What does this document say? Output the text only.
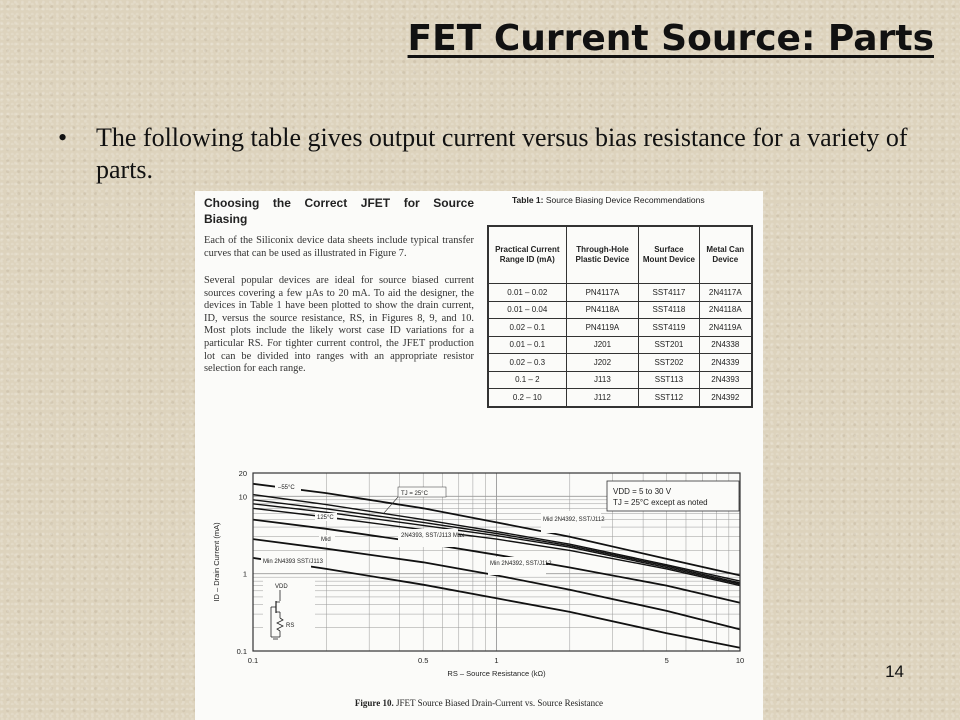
FET Current Source: Parts
•	The following table gives output current versus bias resistance for a variety of parts.
Choosing the Correct JFET for Source
Biasing

Each of the Siliconix device data sheets include typical transfer curves that can be used as illustrated in Figure 7.

Several popular devices are ideal for source biased current sources covering a few µAs to 20 mA. To aid the designer, the devices in Table 1 have been plotted to show the drain current, ID, versus the source resistance, RS, in Figures 8, 9, and 10. Most plots include the likely worst case ID variations for a particular RS. For tighter current control, the JFET production lot can be divided into ranges with an appropriate resistor selection for each range.

Table 1: Source Biasing Device Recommendations
Practical Current Range ID (mA)	Through-Hole Plastic Device	Surface Mount Device	Metal Can Device
0.01 – 0.02	PN4117A	SST4117	2N4117A
0.01 – 0.04	PN4118A	SST4118	2N4118A
0.02 – 0.1	PN4119A	SST4119	2N4119A
0.01 – 0.1	J201	SST201	2N4338
0.02 – 0.3	J202	SST202	2N4339
0.1 – 2	J113	SST113	2N4393
0.2 – 10	J112	SST112	2N4392
0.1	0.5	1	5	10
20
10
1
0.1
VDD = 5 to 30 V
TJ = 25°C except as noted
–55°C
TJ = 25°C
125°C
Mid
2N4393, SST/J113 Max
Min 2N4393 SST/J113
Mid 2N4392, SST/J112
Min 2N4392, SST/J112
VDD
RS
RS – Source Resistance (kΩ)
ID – Drain Current (mA)
Figure 10. JFET Source Biased Drain-Current vs. Source Resistance
14
